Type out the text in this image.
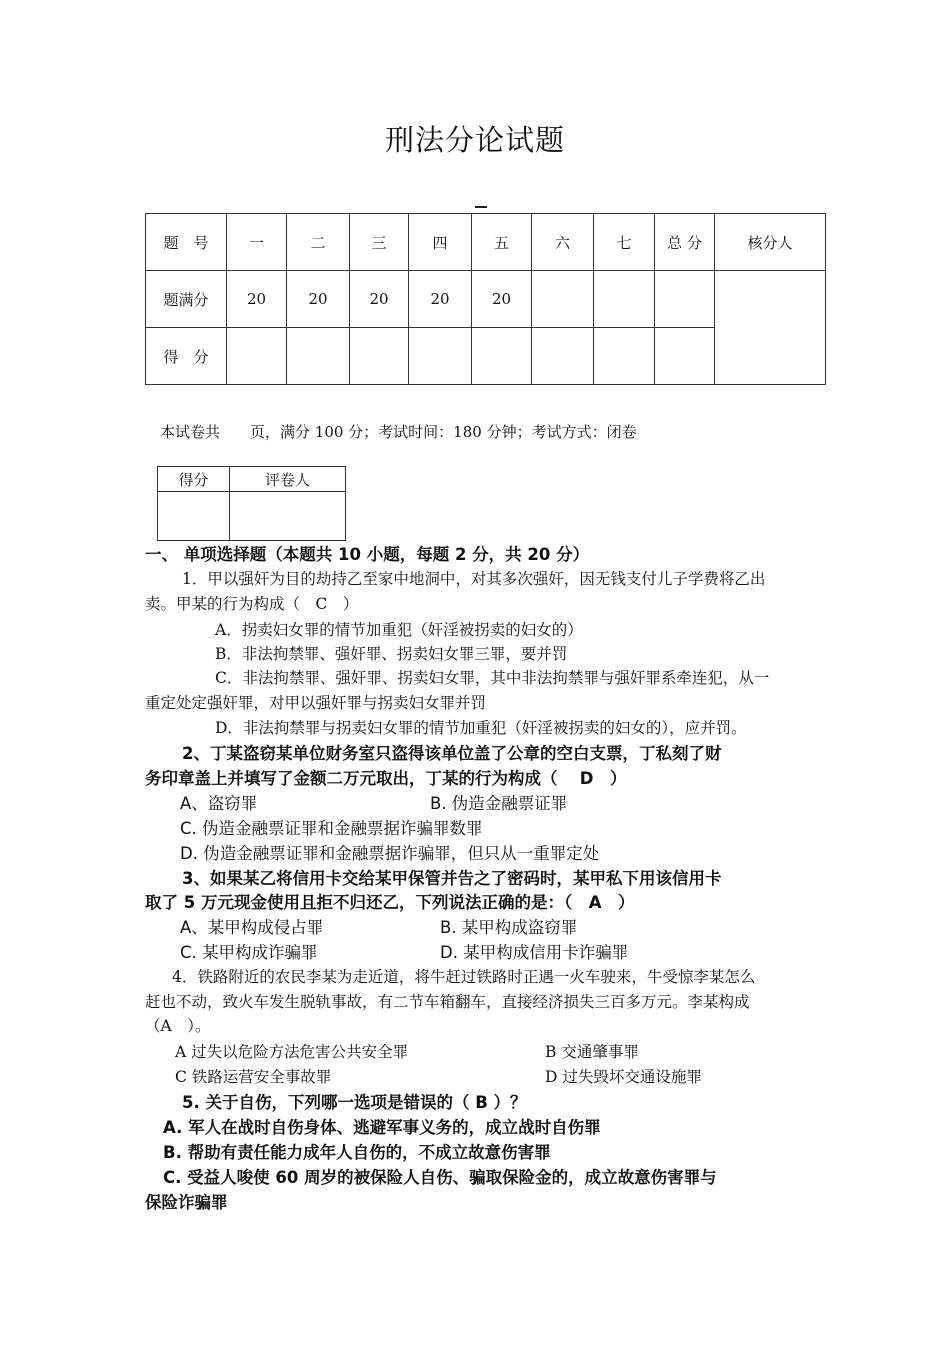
刑法分论试题
题　号	一	二	三	四	五	六	七	总 分	核分人
题满分	20	20	20	20	20				
得　分									
本试卷共　　页，满分 100 分；考试时间：180 分钟；考试方式：闭卷
得分	评卷人

一、 单项选择题（本题共 10 小题，每题 2 分，共 20 分）
1．甲以强奸为目的劫持乙至家中地洞中，对其多次强奸，因无钱支付儿子学费将乙出
卖。甲某的行为构成（　C　）
A．拐卖妇女罪的情节加重犯（奸淫被拐卖的妇女的）
B．非法拘禁罪、强奸罪、拐卖妇女罪三罪，要并罚
C．非法拘禁罪、强奸罪、拐卖妇女罪，其中非法拘禁罪与强奸罪系牵连犯，从一
重定处定强奸罪，对甲以强奸罪与拐卖妇女罪并罚
D．非法拘禁罪与拐卖妇女罪的情节加重犯（奸淫被拐卖的妇女的），应并罚。
2、丁某盗窃某单位财务室只盗得该单位盖了公章的空白支票，丁私刻了财
务印章盖上并填写了金额二万元取出，丁某的行为构成（　 D　）
A、盗窃罪	B. 伪造金融票证罪
C. 伪造金融票证罪和金融票据诈骗罪数罪
D. 伪造金融票证罪和金融票据诈骗罪，但只从一重罪定处
3、如果某乙将信用卡交给某甲保管并告之了密码时，某甲私下用该信用卡
取了 5 万元现金使用且拒不归还乙，下列说法正确的是：（　A　）
A、某甲构成侵占罪	B. 某甲构成盗窃罪
C. 某甲构成诈骗罪	D. 某甲构成信用卡诈骗罪
4．铁路附近的农民李某为走近道，将牛赶过铁路时正遇一火车驶来，牛受惊李某怎么
赶也不动，致火车发生脱轨事故，有二节车箱翻车，直接经济损失三百多万元。李某构成
（A　）。
A 过失以危险方法危害公共安全罪	B 交通肇事罪
C 铁路运营安全事故罪	D 过失毁坏交通设施罪
5. 关于自伤，下列哪一选项是错误的（ B ）？
A. 军人在战时自伤身体、逃避军事义务的，成立战时自伤罪
B. 帮助有责任能力成年人自伤的，不成立故意伤害罪
C. 受益人唆使 60 周岁的被保险人自伤、骗取保险金的，成立故意伤害罪与
保险诈骗罪
